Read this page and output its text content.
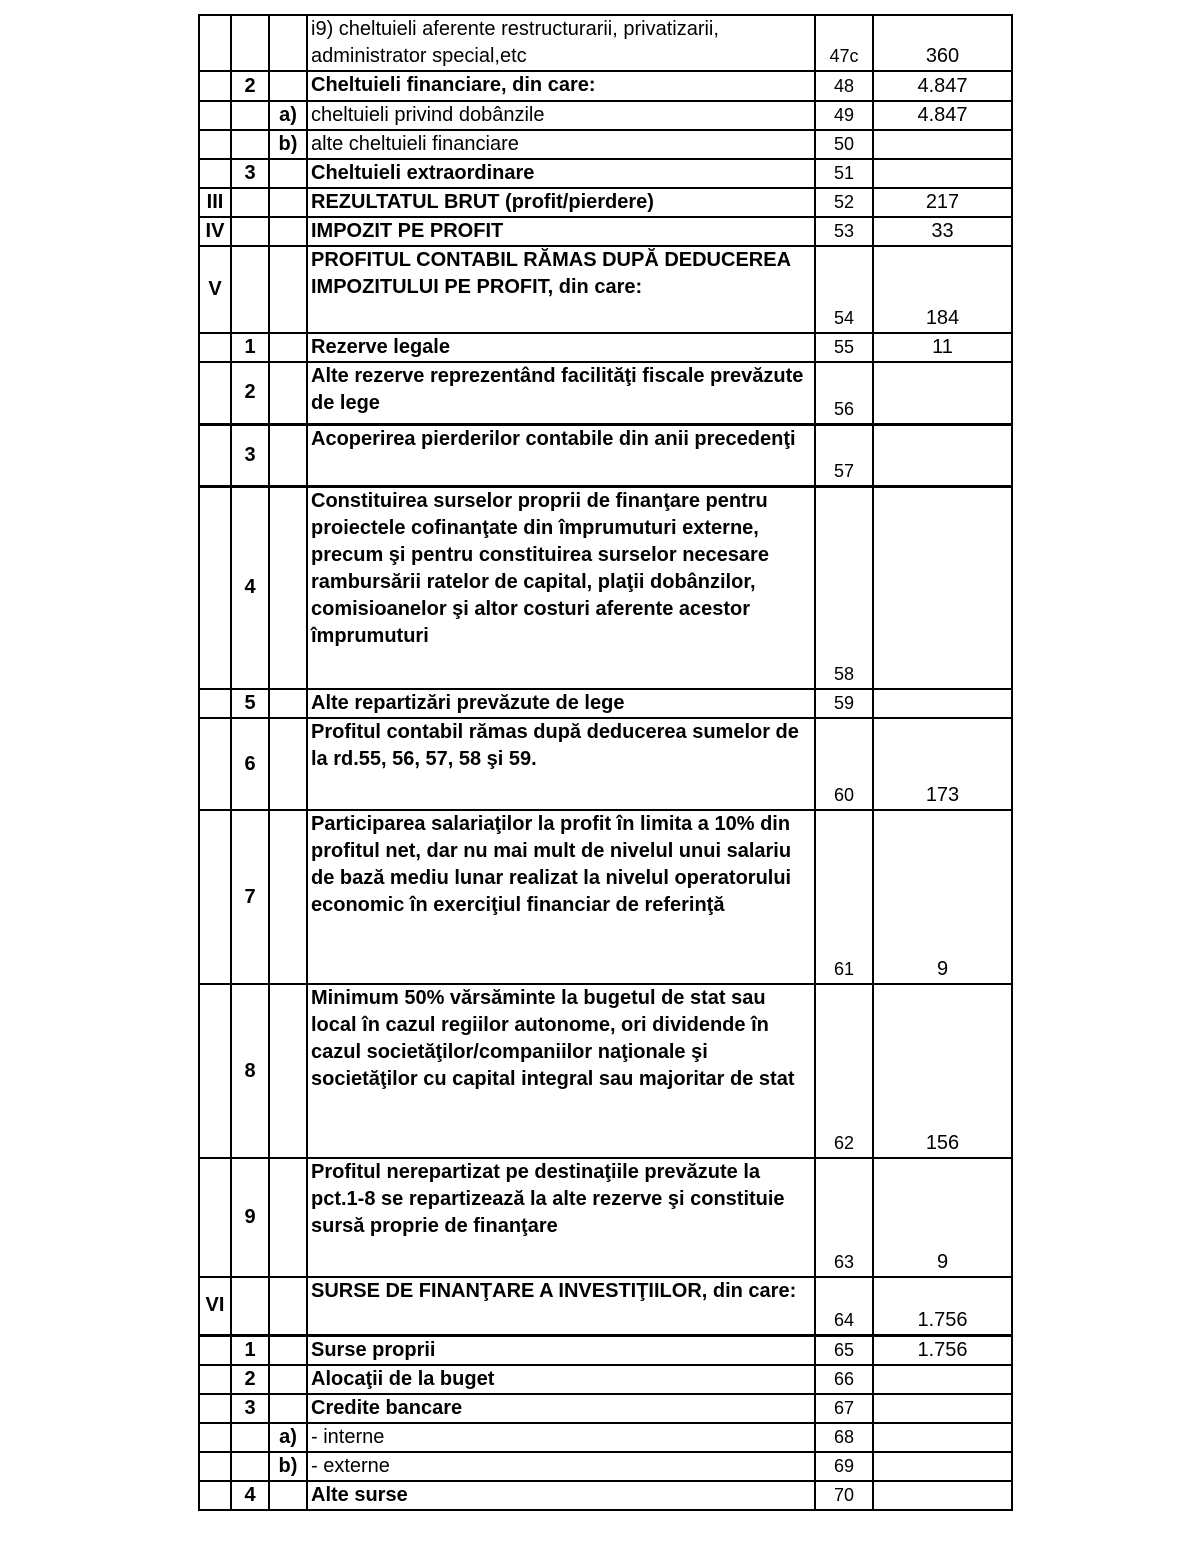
			i9) cheltuieli aferente restructurarii, privatizarii, administrator special,etc	47c	360
	2		Cheltuieli financiare, din care:	48	4.847
		a)	cheltuieli privind dobânzile	49	4.847
		b)	alte cheltuieli financiare	50	
	3		Cheltuieli extraordinare	51	
III			REZULTATUL BRUT (profit/pierdere)	52	217
IV			IMPOZIT PE PROFIT	53	33
V			PROFITUL CONTABIL RĂMAS DUPĂ DEDUCEREA IMPOZITULUI PE PROFIT, din care:	54	184
	1		Rezerve legale	55	11
	2		Alte rezerve reprezentând facilităţi fiscale prevăzute de lege	56	
	3		Acoperirea pierderilor contabile din anii precedenţi	57	
	4		Constituirea surselor proprii de finanţare pentru proiectele cofinanţate din împrumuturi externe, precum şi pentru constituirea surselor necesare rambursării ratelor de capital, plaţii dobânzilor, comisioanelor şi altor costuri aferente acestor împrumuturi	58	
	5		Alte repartizări prevăzute de lege	59	
	6		Profitul contabil rămas după deducerea sumelor de la rd.55, 56, 57, 58 şi 59.	60	173
	7		Participarea salariaţilor la profit în limita a 10% din profitul net, dar nu mai mult de nivelul unui salariu de bază mediu lunar realizat la nivelul operatorului economic în exerciţiul financiar de referinţă	61	9
	8		Minimum 50% vărsăminte la bugetul de stat sau local în cazul regiilor autonome, ori dividende în cazul societăţilor/companiilor naţionale şi societăţilor cu capital integral sau majoritar de stat	62	156
	9		Profitul nerepartizat pe destinaţiile prevăzute la pct.1-8 se repartizează la alte rezerve şi constituie sursă proprie de finanţare	63	9
VI			SURSE DE FINANŢARE A INVESTIŢIILOR, din care:	64	1.756
	1		Surse proprii	65	1.756
	2		Alocaţii de la buget	66	
	3		Credite bancare	67	
		a)	- interne	68	
		b)	- externe	69	
	4		Alte surse	70	
